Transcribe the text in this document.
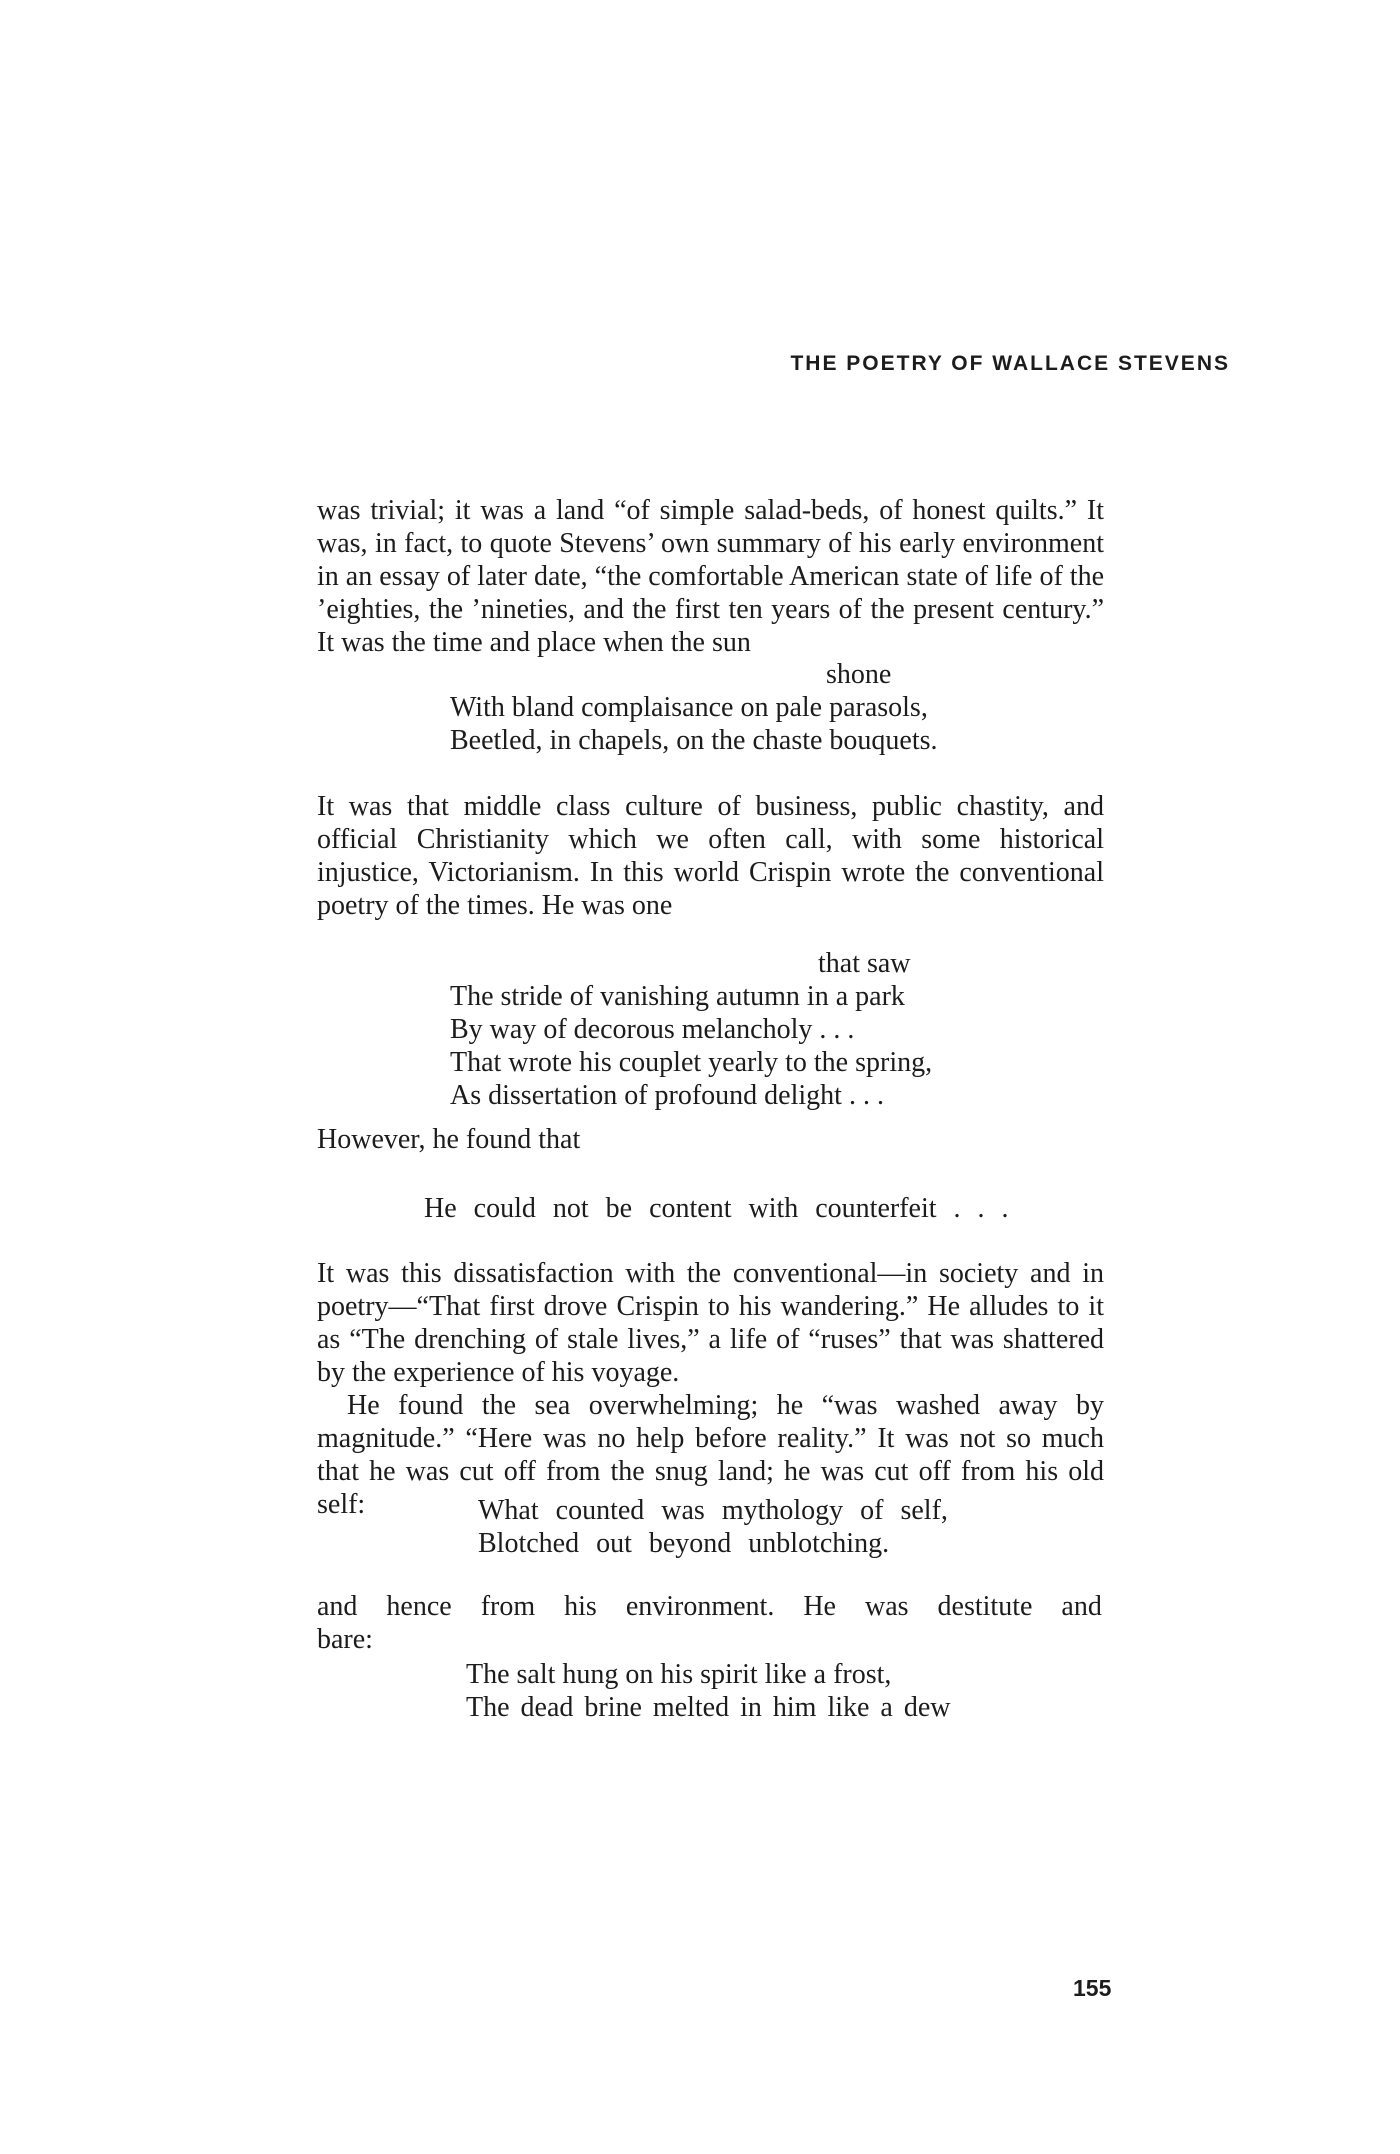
THE POETRY OF WALLACE STEVENS

was trivial; it was a land “of simple salad-beds, of honest quilts.” It was, in fact, to quote Stevens’ own summary of his early environment in an essay of later date, “the comfortable American state of life of the ’eighties, the ’nineties, and the first ten years of the present century.” It was the time and place when the sun

shone
With bland complaisance on pale parasols,
Beetled, in chapels, on the chaste bouquets.

It was that middle class culture of business, public chastity, and official Christianity which we often call, with some historical injustice, Victorianism. In this world Crispin wrote the conventional poetry of the times. He was one

that saw
The stride of vanishing autumn in a park
By way of decorous melancholy . . .
That wrote his couplet yearly to the spring,
As dissertation of profound delight . . .

However, he found that

He could not be content with counterfeit . . .

It was this dissatisfaction with the conventional—in society and in poetry—“That first drove Crispin to his wandering.” He alludes to it as “The drenching of stale lives,” a life of “ruses” that was shattered by the experience of his voyage.

He found the sea overwhelming; he “was washed away by magnitude.” “Here was no help before reality.” It was not so much that he was cut off from the snug land; he was cut off from his old self:	What counted was mythology of self,
Blotched out beyond unblotching.

and hence from his environment. He was destitute and bare:

The salt hung on his spirit like a frost,
The dead brine melted in him like a dew
155
